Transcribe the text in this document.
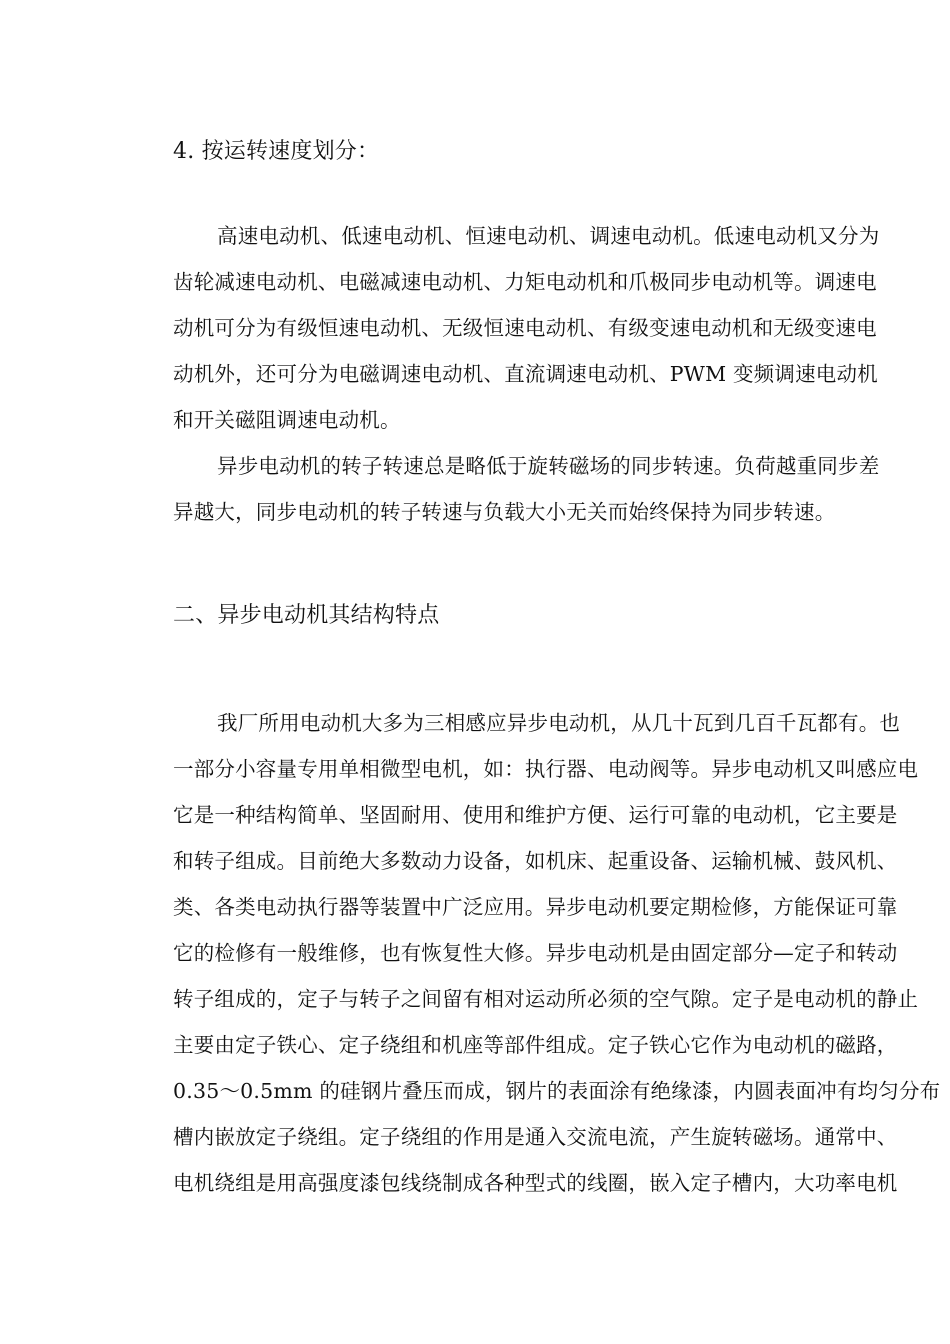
4. 按运转速度划分：
高速电动机、低速电动机、恒速电动机、调速电动机。低速电动机又分为
齿轮减速电动机、电磁减速电动机、力矩电动机和爪极同步电动机等。调速电
动机可分为有级恒速电动机、无级恒速电动机、有级变速电动机和无级变速电
动机外，还可分为电磁调速电动机、直流调速电动机、PWM 变频调速电动机
和开关磁阻调速电动机。
异步电动机的转子转速总是略低于旋转磁场的同步转速。负荷越重同步差
异越大，同步电动机的转子转速与负载大小无关而始终保持为同步转速。
二、异步电动机其结构特点
我厂所用电动机大多为三相感应异步电动机，从几十瓦到几百千瓦都有。也
一部分小容量专用单相微型电机，如：执行器、电动阀等。异步电动机又叫感应电
它是一种结构简单、坚固耐用、使用和维护方便、运行可靠的电动机，它主要是
和转子组成。目前绝大多数动力设备，如机床、起重设备、运输机械、鼓风机、
类、各类电动执行器等装置中广泛应用。异步电动机要定期检修，方能保证可靠
它的检修有一般维修，也有恢复性大修。异步电动机是由固定部分—定子和转动
转子组成的，定子与转子之间留有相对运动所必须的空气隙。定子是电动机的静止
主要由定子铁心、定子绕组和机座等部件组成。定子铁心它作为电动机的磁路，
0.35～0.5mm 的硅钢片叠压而成，钢片的表面涂有绝缘漆，内圆表面冲有均匀分布
槽内嵌放定子绕组。定子绕组的作用是通入交流电流，产生旋转磁场。通常中、
电机绕组是用高强度漆包线绕制成各种型式的线圈，嵌入定子槽内，大功率电机
